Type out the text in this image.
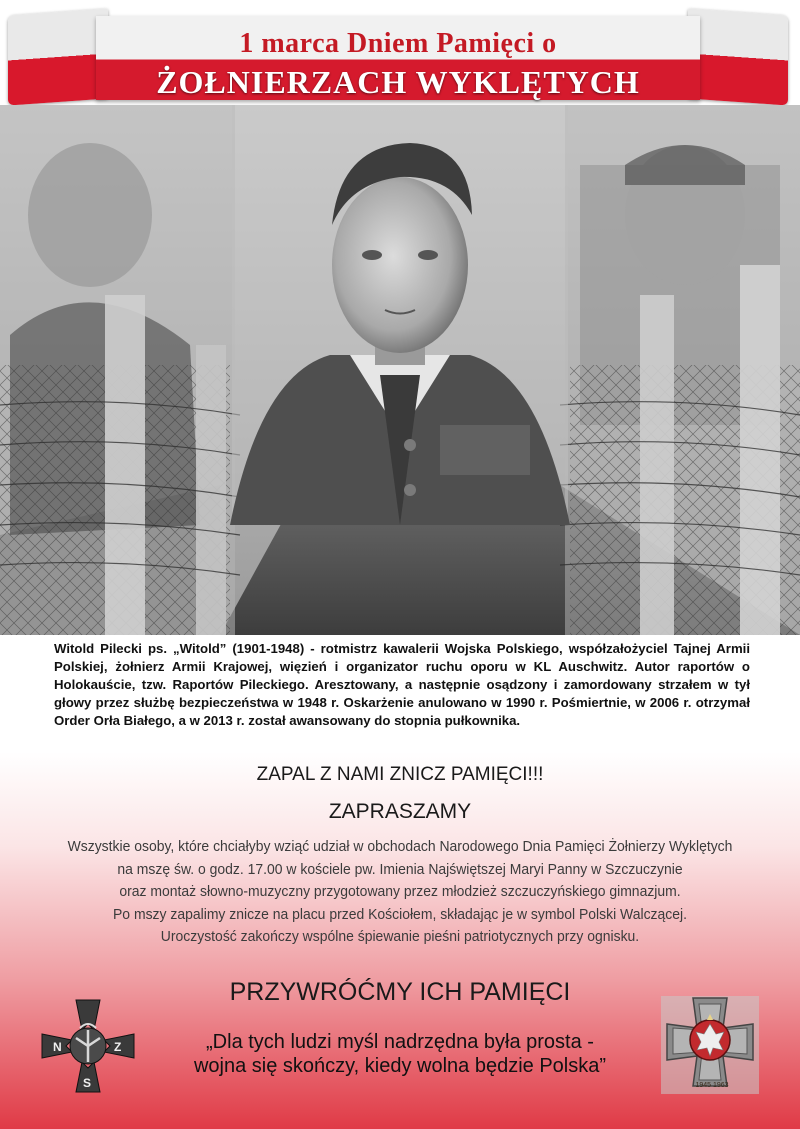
1 marca Dniem Pamięci o
ŻOŁNIERZACH WYKLĘTYCH
Witold Pilecki ps. „Witold” (1901-1948) - rotmistrz kawalerii Wojska Polskiego, współzałożyciel Tajnej Armii Polskiej, żołnierz Armii Krajowej, więzień i organizator ruchu oporu w KL Auschwitz. Autor raportów o Holokauście, tzw. Raportów Pileckiego. Aresztowany, a następnie osądzony i zamordowany strzałem w tył głowy przez służbę bezpieczeństwa w 1948 r. Oskarżenie anulowano w 1990 r. Pośmiertnie, w 2006 r. otrzymał Order Orła Białego, a w 2013 r. został awansowany do stopnia pułkownika.
ZAPAL Z NAMI ZNICZ PAMIĘCI!!!
ZAPRASZAMY
Wszystkie osoby, które chciałyby wziąć udział w obchodach Narodowego Dnia Pamięci Żołnierzy Wyklętych
na mszę św. o godz. 17.00 w kościele pw. Imienia Najświętszej Maryi Panny w Szczuczynie
oraz montaż słowno-muzyczny przygotowany przez młodzież szczuczyńskiego gimnazjum.
Po mszy zapalimy znicze na placu przed Kościołem, składając je w symbol Polski Walczącej.
Uroczystość zakończy wspólne śpiewanie pieśni patriotycznych przy ognisku.
PRZYWRÓĆMY ICH PAMIĘCI
„Dla tych ludzi myśl nadrzędna była prosta -
wojna się skończy, kiedy wolna będzie Polska”
N
S
Z
1945 1963
